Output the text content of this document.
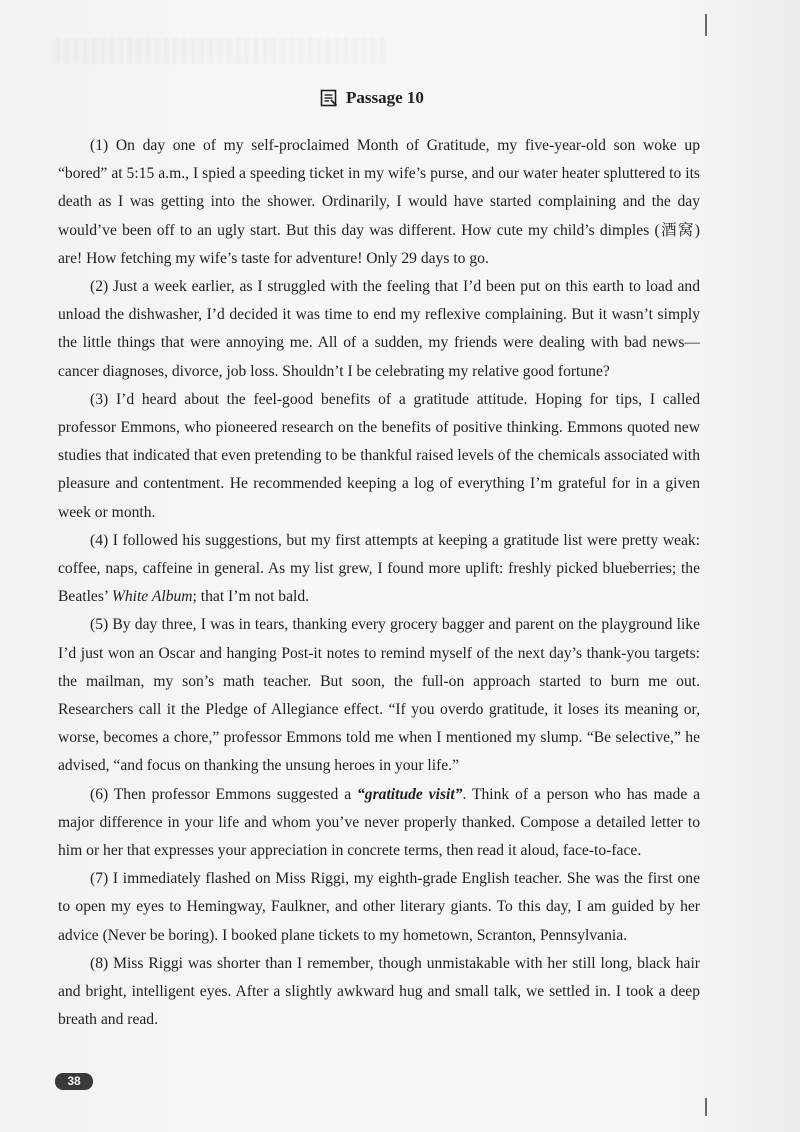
Passage 10

(1) On day one of my self-proclaimed Month of Gratitude, my five-year-old son woke up “bored” at 5:15 a.m., I spied a speeding ticket in my wife’s purse, and our water heater spluttered to its death as I was getting into the shower. Ordinarily, I would have started complaining and the day would’ve been off to an ugly start. But this day was different. How cute my child’s dimples (酒窝) are! How fetching my wife’s taste for adventure! Only 29 days to go.

(2) Just a week earlier, as I struggled with the feeling that I’d been put on this earth to load and unload the dishwasher, I’d decided it was time to end my reflexive complaining. But it wasn’t simply the little things that were annoying me. All of a sudden, my friends were dealing with bad news—cancer diagnoses, divorce, job loss. Shouldn’t I be celebrating my relative good fortune?

(3) I’d heard about the feel-good benefits of a gratitude attitude. Hoping for tips, I called professor Emmons, who pioneered research on the benefits of positive thinking. Emmons quoted new studies that indicated that even pretending to be thankful raised levels of the chemicals associated with pleasure and contentment. He recommended keeping a log of everything I’m grateful for in a given week or month.

(4) I followed his suggestions, but my first attempts at keeping a gratitude list were pretty weak: coffee, naps, caffeine in general. As my list grew, I found more uplift: freshly picked blueberries; the Beatles’ White Album; that I’m not bald.

(5) By day three, I was in tears, thanking every grocery bagger and parent on the playground like I’d just won an Oscar and hanging Post-it notes to remind myself of the next day’s thank-you targets: the mailman, my son’s math teacher. But soon, the full-on approach started to burn me out. Researchers call it the Pledge of Allegiance effect. “If you overdo gratitude, it loses its meaning or, worse, becomes a chore,” professor Emmons told me when I mentioned my slump. “Be selective,” he advised, “and focus on thanking the unsung heroes in your life.”

(6) Then professor Emmons suggested a “gratitude visit”. Think of a person who has made a major difference in your life and whom you’ve never properly thanked. Compose a detailed letter to him or her that expresses your appreciation in concrete terms, then read it aloud, face-to-face.

(7) I immediately flashed on Miss Riggi, my eighth-grade English teacher. She was the first one to open my eyes to Hemingway, Faulkner, and other literary giants. To this day, I am guided by her advice (Never be boring). I booked plane tickets to my hometown, Scranton, Pennsylvania.

(8) Miss Riggi was shorter than I remember, though unmistakable with her still long, black hair and bright, intelligent eyes. After a slightly awkward hug and small talk, we settled in. I took a deep breath and read.

38
